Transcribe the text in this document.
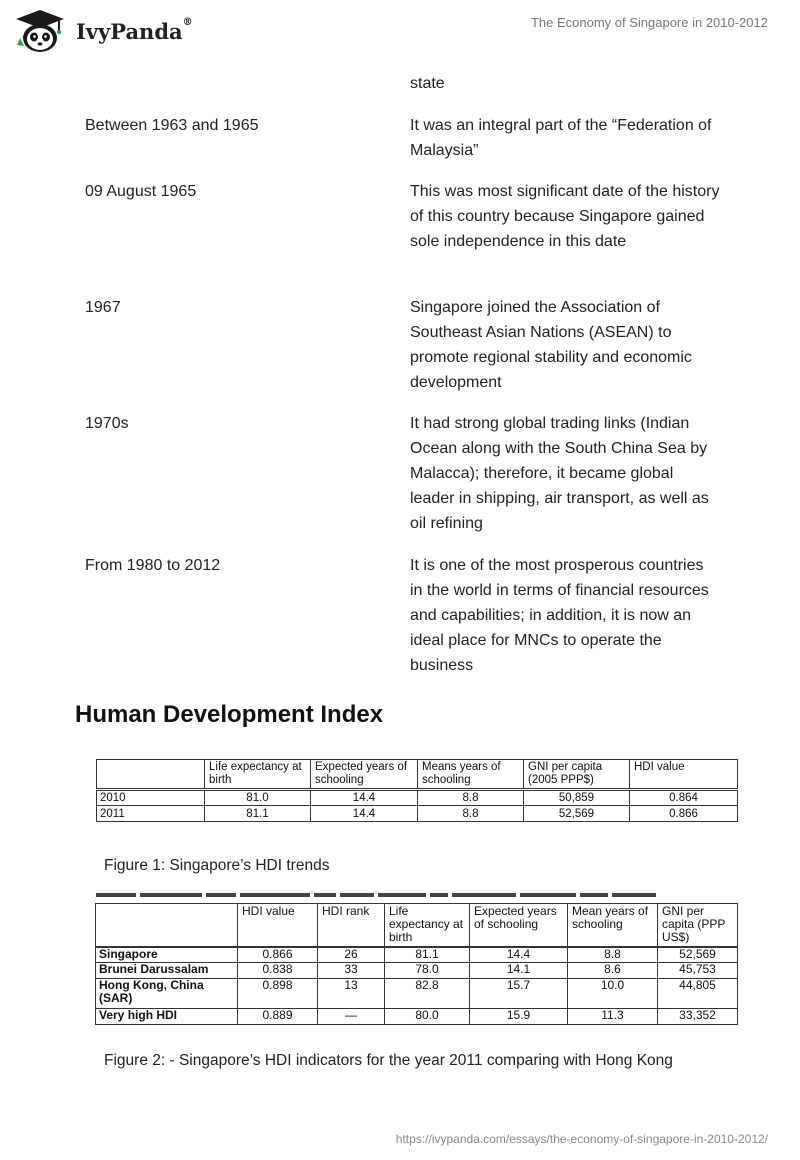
IvyPanda®	The Economy of Singapore in 2010-2012
state
Between 1963 and 1965	It was an integral part of the “Federation of Malaysia”
09 August 1965	This was most significant date of the history of this country because Singapore gained sole independence in this date
1967	Singapore joined the Association of Southeast Asian Nations (ASEAN) to promote regional stability and economic development
1970s	It had strong global trading links (Indian Ocean along with the South China Sea by Malacca); therefore, it became global leader in shipping, air transport, as well as oil refining
From 1980 to 2012	It is one of the most prosperous countries in the world in terms of financial resources and capabilities; in addition, it is now an ideal place for MNCs to operate the business
Human Development Index
	Life expectancy at birth	Expected years of schooling	Means years of schooling	GNI per capita (2005 PPP$)	HDI value
2010	81.0	14.4	8.8	50,859	0.864
2011	81.1	14.4	8.8	52,569	0.866
Figure 1: Singapore’s HDI trends
	HDI value	HDI rank	Life expectancy at birth	Expected years of schooling	Mean years of schooling	GNI per capita (PPP US$)
Singapore	0.866	26	81.1	14.4	8.8	52,569
Brunei Darussalam	0.838	33	78.0	14.1	8.6	45,753
Hong Kong, China (SAR)	0.898	13	82.8	15.7	10.0	44,805
Very high HDI	0.889	—	80.0	15.9	11.3	33,352
Figure 2: - Singapore’s HDI indicators for the year 2011 comparing with Hong Kong
https://ivypanda.com/essays/the-economy-of-singapore-in-2010-2012/
